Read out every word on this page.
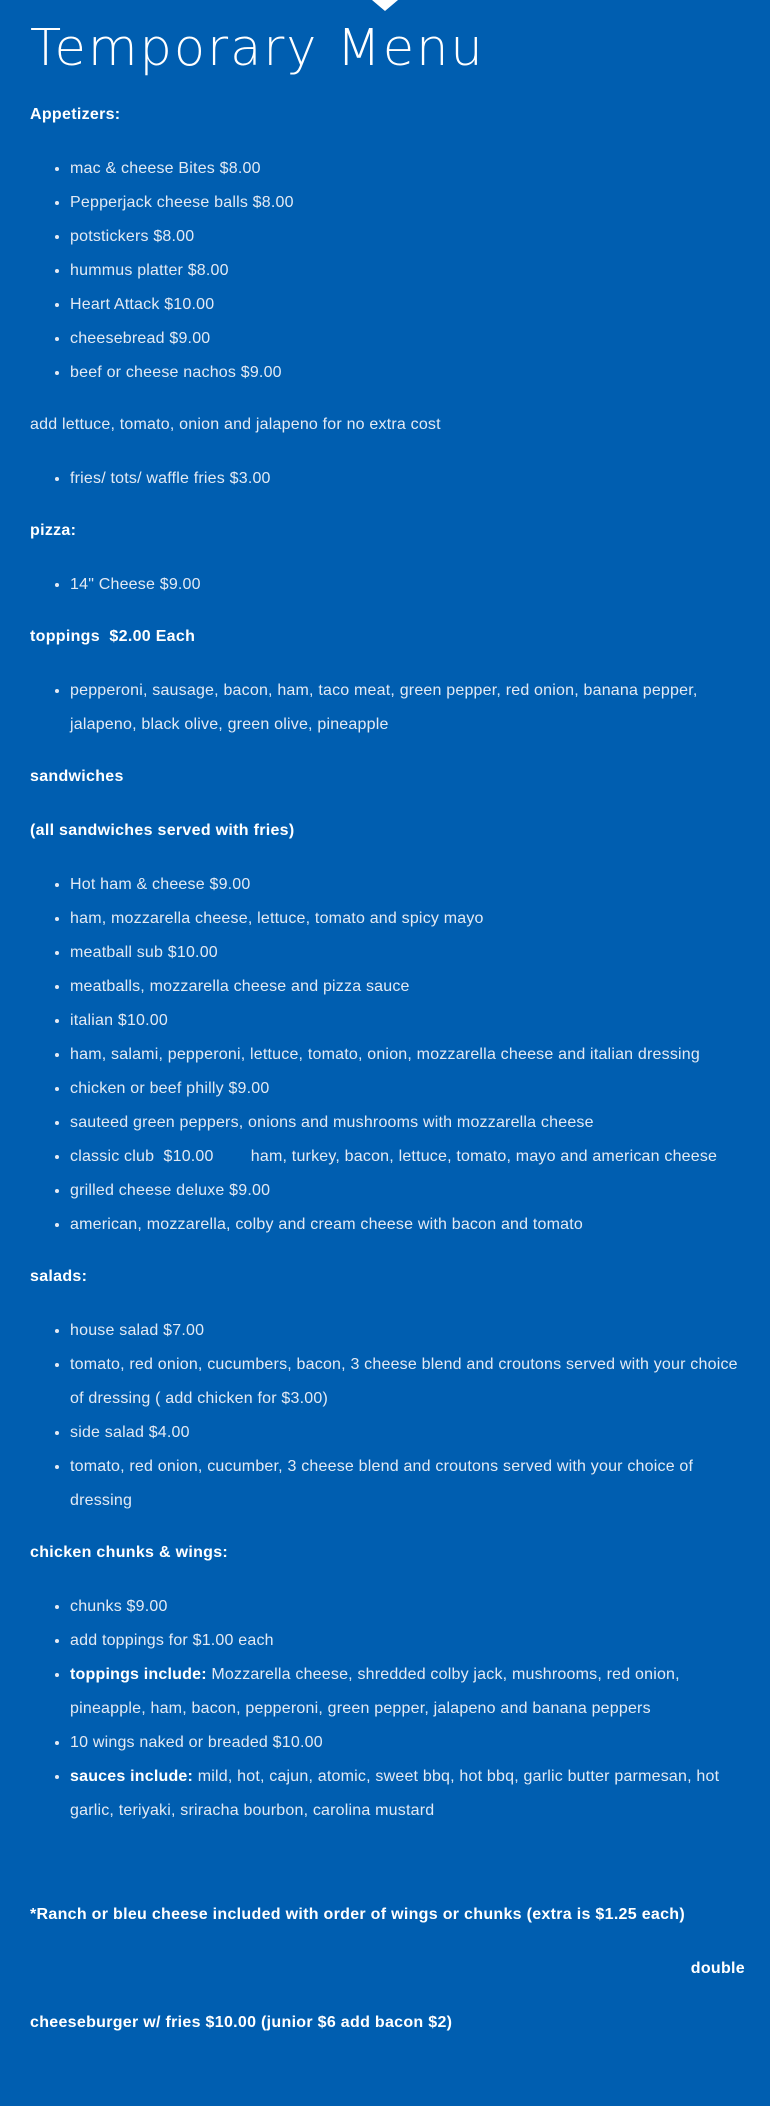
Temporary Menu
Appetizers:
• mac & cheese Bites $8.00
• Pepperjack cheese balls $8.00
• potstickers $8.00
• hummus platter $8.00
• Heart Attack $10.00
• cheesebread $9.00
• beef or cheese nachos $9.00
add lettuce, tomato, onion and jalapeno for no extra cost
• fries/ tots/ waffle fries $3.00
pizza:
• 14" Cheese $9.00
toppings  $2.00 Each
• pepperoni, sausage, bacon, ham, taco meat, green pepper, red onion, banana pepper, jalapeno, black olive, green olive, pineapple
sandwiches
(all sandwiches served with fries)
• Hot ham & cheese $9.00
• ham, mozzarella cheese, lettuce, tomato and spicy mayo
• meatball sub $10.00
• meatballs, mozzarella cheese and pizza sauce
• italian $10.00
• ham, salami, pepperoni, lettuce, tomato, onion, mozzarella cheese and italian dressing
• chicken or beef philly $9.00
• sauteed green peppers, onions and mushrooms with mozzarella cheese
• classic club  $10.00        ham, turkey, bacon, lettuce, tomato, mayo and american cheese
• grilled cheese deluxe $9.00
• american, mozzarella, colby and cream cheese with bacon and tomato
salads:
• house salad $7.00
• tomato, red onion, cucumbers, bacon, 3 cheese blend and croutons served with your choice of dressing ( add chicken for $3.00)
• side salad $4.00
• tomato, red onion, cucumber, 3 cheese blend and croutons served with your choice of dressing
chicken chunks & wings:
• chunks $9.00
• add toppings for $1.00 each
• toppings include: Mozzarella cheese, shredded colby jack, mushrooms, red onion, pineapple, ham, bacon, pepperoni, green pepper, jalapeno and banana peppers
• 10 wings naked or breaded $10.00
• sauces include: mild, hot, cajun, atomic, sweet bbq, hot bbq, garlic butter parmesan, hot garlic, teriyaki, sriracha bourbon, carolina mustard
*Ranch or bleu cheese included with order of wings or chunks (extra is $1.25 each)
double
cheeseburger w/ fries $10.00 (junior $6 add bacon $2)
